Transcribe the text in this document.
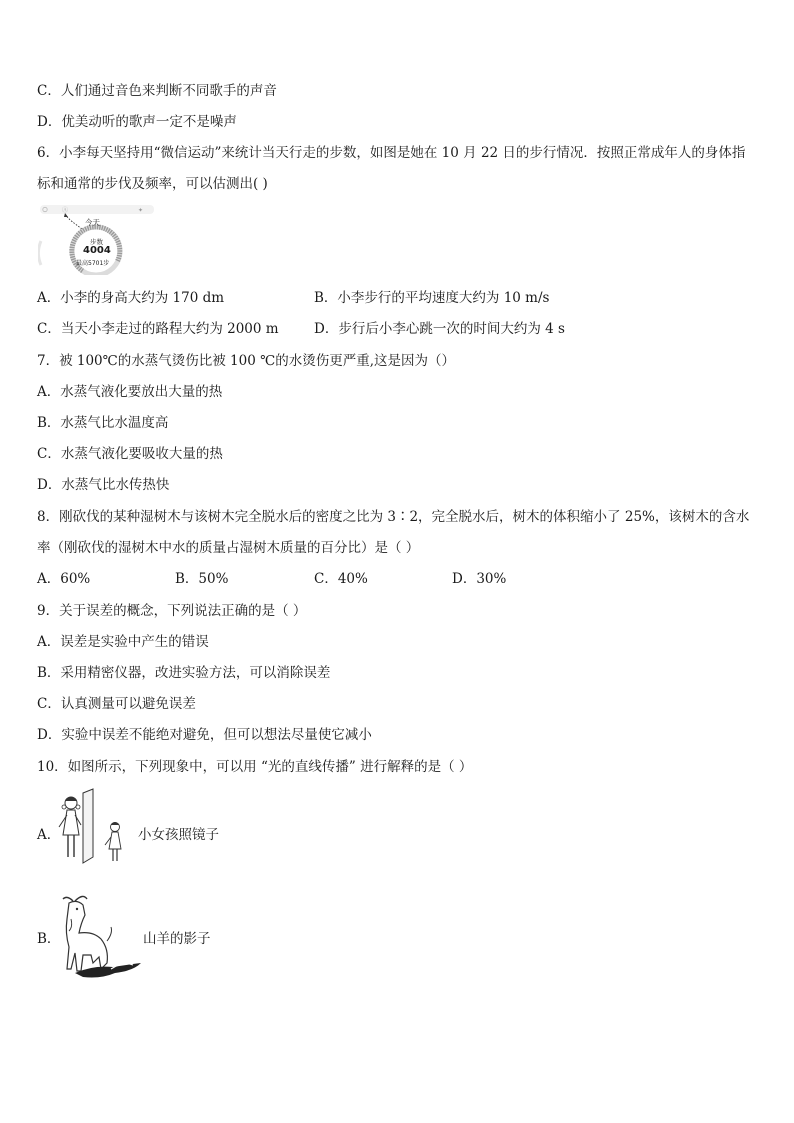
C．人们通过音色来判断不同歌手的声音
D．优美动听的歌声一定不是噪声
6．小李每天坚持用“微信运动”来统计当天行走的步数，如图是她在 10 月 22 日的步行情况．按照正常成年人的身体指
标和通常的步伐及频率，可以估测出( )
Ⓐ	✦
今天
步数
4004
最高5701步
A．小李的身高大约为 170 dm	B．小李步行的平均速度大约为 10 m/s
C．当天小李走过的路程大约为 2000 m	D．步行后小李心跳一次的时间大约为 4 s
7．被 100℃的水蒸气烫伤比被 100 ℃的水烫伤更严重,这是因为（）
A．水蒸气液化要放出大量的热
B．水蒸气比水温度高
C．水蒸气液化要吸收大量的热
D．水蒸气比水传热快
8．刚砍伐的某种湿树木与该树木完全脱水后的密度之比为 3∶2，完全脱水后，树木的体积缩小了 25%，该树木的含水
率（刚砍伐的湿树木中水的质量占湿树木质量的百分比）是（ ）
A．60%	B．50%	C．40%	D．30%
9．关于误差的概念，下列说法正确的是（ ）
A．误差是实验中产生的错误
B．采用精密仪器，改进实验方法，可以消除误差
C．认真测量可以避免误差
D．实验中误差不能绝对避免，但可以想法尽量使它减小
10．如图所示，下列现象中，可以用 “光的直线传播” 进行解释的是（ ）
A．	小女孩照镜子
B．	山羊的影子
